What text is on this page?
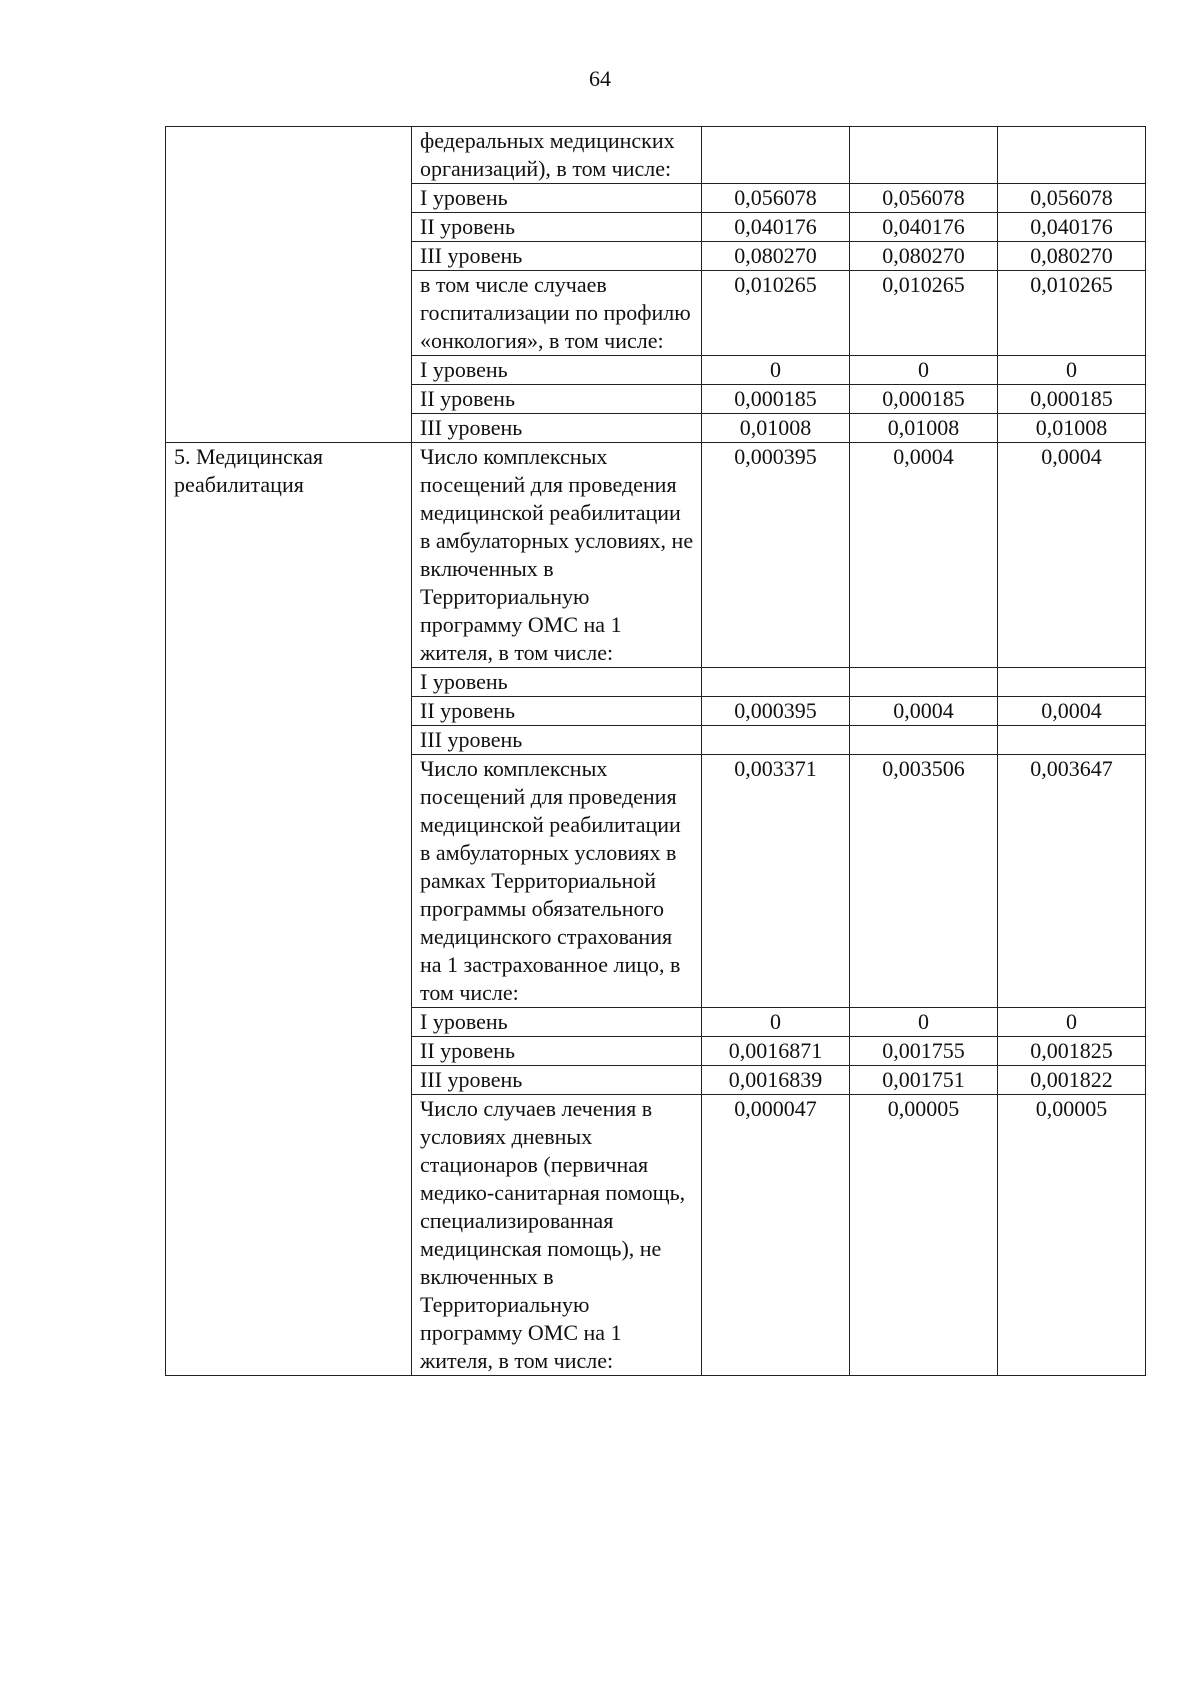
64
	федеральных медицинских организаций), в том числе:			
	I уровень	0,056078	0,056078	0,056078
	II уровень	0,040176	0,040176	0,040176
	III уровень	0,080270	0,080270	0,080270
	в том числе случаев госпитализации по профилю «онкология», в том числе:	0,010265	0,010265	0,010265
	I уровень	0	0	0
	II уровень	0,000185	0,000185	0,000185
	III уровень	0,01008	0,01008	0,01008
5. Медицинская реабилитация	Число комплексных посещений для проведения медицинской реабилитации в амбулаторных условиях, не включенных в Территориальную программу ОМС на 1 жителя, в том числе:	0,000395	0,0004	0,0004
	I уровень			
	II уровень	0,000395	0,0004	0,0004
	III уровень			
	Число комплексных посещений для проведения медицинской реабилитации в амбулаторных условиях в рамках Территориальной программы обязательного медицинского страхования на 1 застрахованное лицо, в том числе:	0,003371	0,003506	0,003647
	I уровень	0	0	0
	II уровень	0,0016871	0,001755	0,001825
	III уровень	0,0016839	0,001751	0,001822
	Число случаев лечения в условиях дневных стационаров (первичная медико-санитарная помощь, специализированная медицинская помощь), не включенных в Территориальную программу ОМС на 1 жителя, в том числе:	0,000047	0,00005	0,00005
